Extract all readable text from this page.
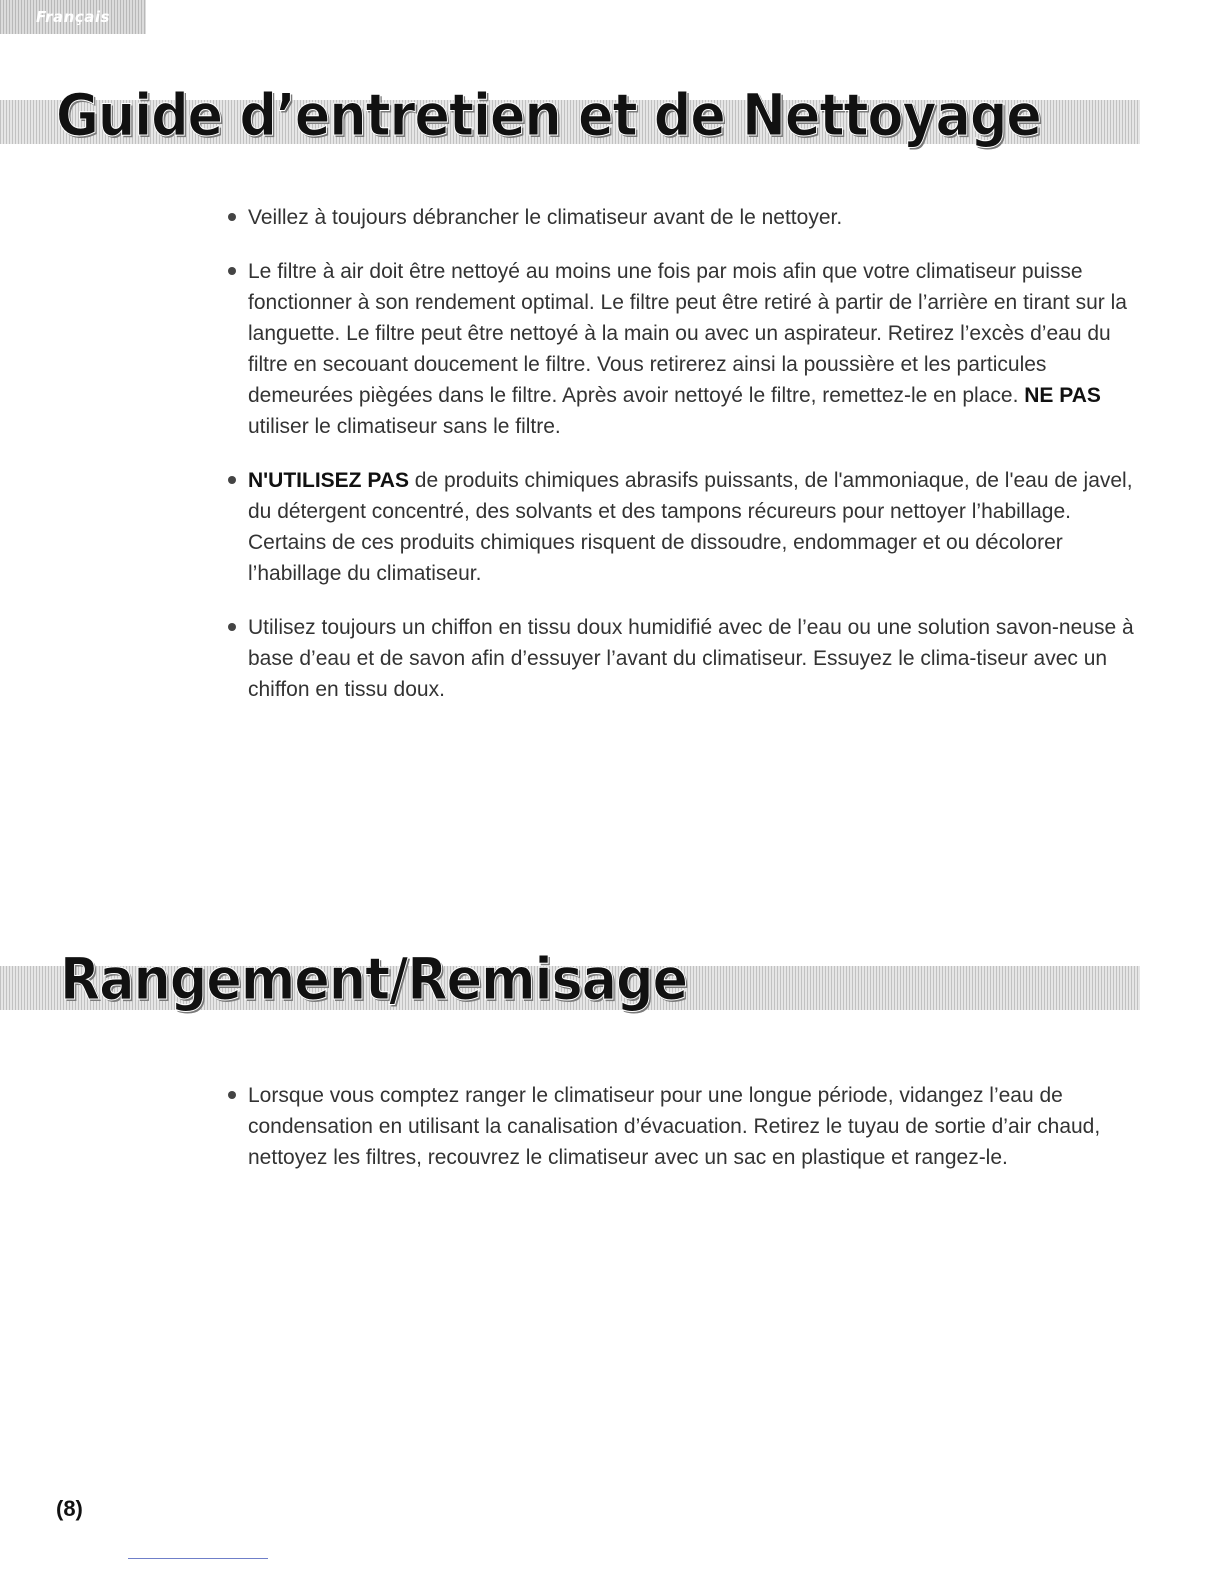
Français
Guide d’entretien et de Nettoyage
Veillez à toujours débrancher le climatiseur avant de le nettoyer.
Le filtre à air doit être nettoyé au moins une fois par mois afin que votre climatiseur puisse fonctionner à son rendement optimal. Le filtre peut être retiré à partir de l’arrière en tirant sur la languette. Le filtre peut être nettoyé à la main ou avec un aspirateur. Retirez l’excès d’eau du filtre en secouant doucement le filtre. Vous retirerez ainsi la poussière et les particules demeurées piègées dans le filtre. Après avoir nettoyé le filtre, remettez-le en place. NE PAS utiliser le climatiseur sans le filtre.
N'UTILISEZ PAS de produits chimiques abrasifs puissants, de l'ammoniaque, de l'eau de javel, du détergent concentré, des solvants et des tampons récureurs pour nettoyer l’habillage. Certains de ces produits chimiques risquent de dissoudre, endommager et ou décolorer l’habillage du climatiseur.
Utilisez toujours un chiffon en tissu doux humidifié avec de l’eau ou une solution savon-neuse à base d’eau et de savon afin d’essuyer l’avant du climatiseur. Essuyez le clima-tiseur avec un chiffon en tissu doux.
Rangement/Remisage
Lorsque vous comptez ranger le climatiseur pour une longue période, vidangez l’eau de condensation en utilisant la canalisation d’évacuation. Retirez le tuyau de sortie d’air chaud, nettoyez les filtres, recouvrez le climatiseur avec un sac en plastique et rangez-le.
(8)
